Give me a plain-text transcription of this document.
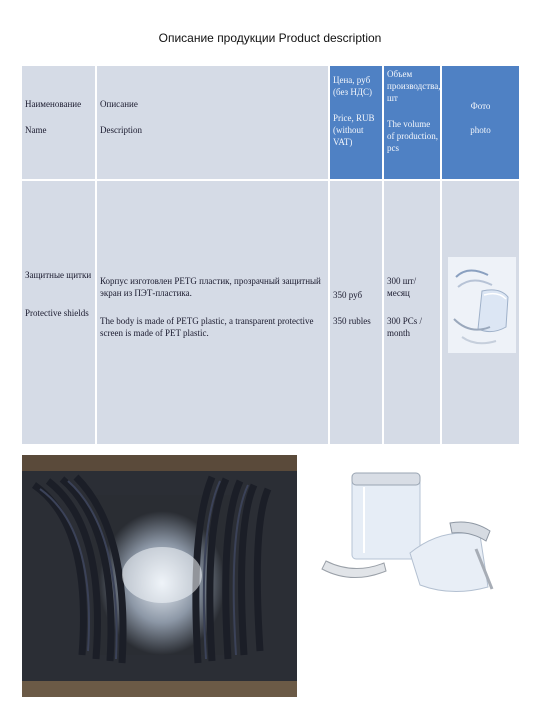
Описание продукции Product description
Наименование
Name
Описание
Description
Цена, руб (без НДС)
Price, RUB (without VAT)
Объем производства, шт
The volume of production, pcs
Фото
photo
Защитные щитки
Protective shields
Корпус изготовлен PETG пластик, прозрачный защитный экран из ПЭТ-пластика.
The body is made of PETG plastic, a transparent protective screen is made of PET plastic.
350 руб
350 rubles
300 шт/месяц
300 PCs / month
